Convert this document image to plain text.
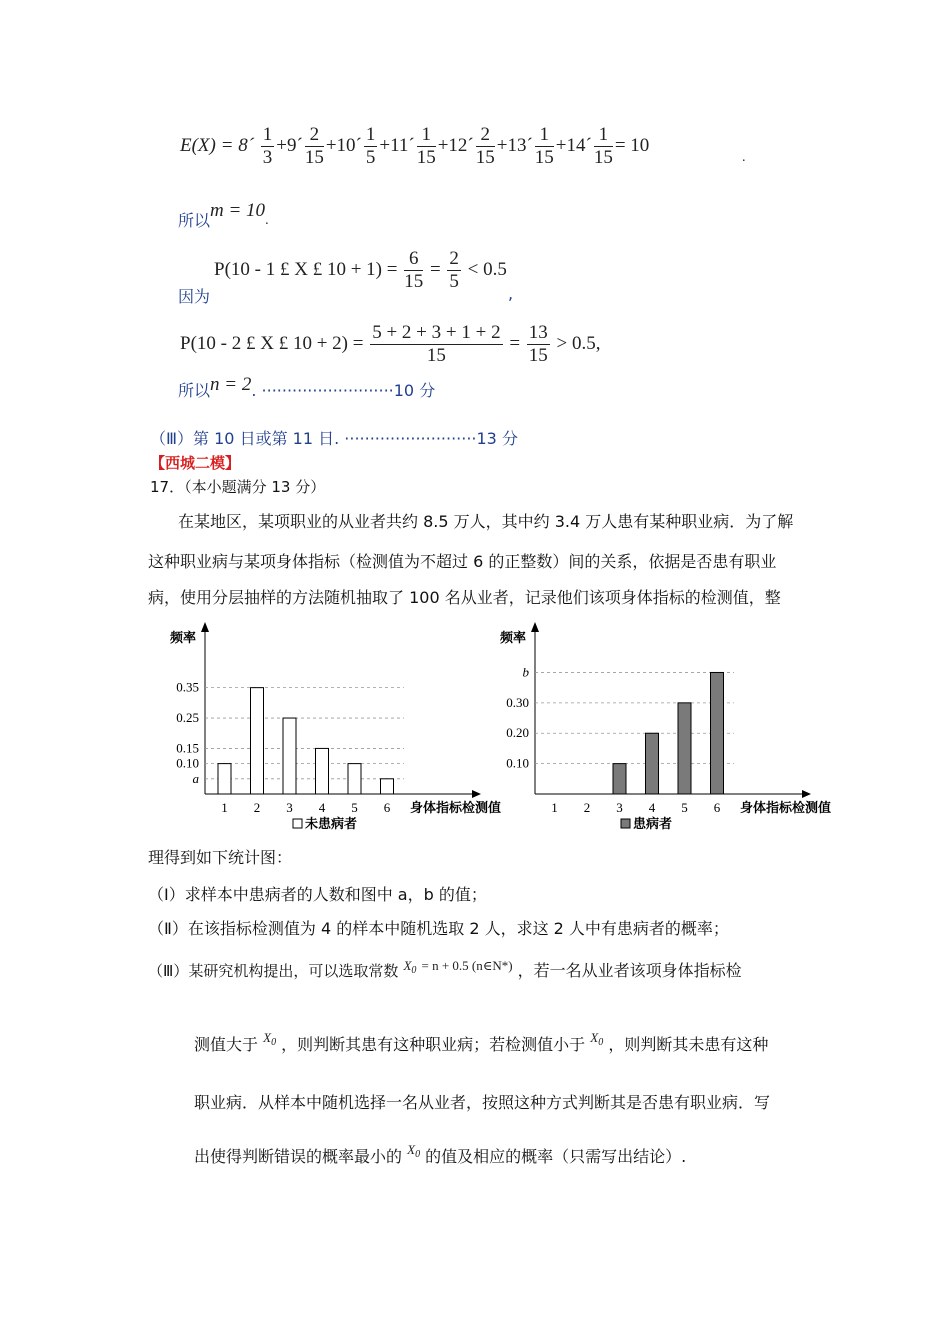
E(X) = 8´ $\frac{1}{3}$ +9´ $\frac{2}{15}$ +10´ $\frac{1}{5}$ +11´ $\frac{1}{15}$ +12´ $\frac{2}{15}$ +13´ $\frac{1}{15}$ +14´ $\frac{1}{15} = 10$
.
所以m = 10.
因为
P(10 - 1 £ X £ $10 + 1) = \frac{6}{15} = \frac{2}{5} < 0.5$
,
P(10 - 2 £ X £ $10 + 2) = \frac{5 + 2 + 3 + 1 + 2}{15} = \frac{13}{15} > 0.5$,
所以n = 2. ··························10 分
（Ⅲ）第 10 日或第 11 日. ··························13 分
【西城二模】
17．（本小题满分 13 分）
在某地区，某项职业的从业者共约 8.5 万人，其中约 3.4 万人患有某种职业病．为了解
这种职业病与某项身体指标（检测值为不超过 6 的正整数）间的关系，依据是否患有职业
病，使用分层抽样的方法随机抽取了 100 名从业者，记录他们该项身体指标的检测值，整
频率
a
0.10
0.15
0.25
0.35
1 2 3 4 5 6 身体指标检测值
未患病者
频率
0.10
0.20
0.30
b
1 2 3 4 5 6 身体指标检测值
患病者
理得到如下统计图：
（Ⅰ）求样本中患病者的人数和图中 a，b 的值；
（Ⅱ）在该指标检测值为 4 的样本中随机选取 2 人，求这 2 人中有患病者的概率；
（Ⅲ）某研究机构提出，可以选取常数 $^{X_0}$ $^{= n + 0.5 (n\in N*)}$ ，若一名从业者该项身体指标检
测值大于 $^{X_0}$ ，则判断其患有这种职业病；若检测值小于 $^{X_0}$ ，则判断其未患有这种
职业病．从样本中随机选择一名从业者，按照这种方式判断其是否患有职业病．写
出使得判断错误的概率最小的 $^{X_0}$ 的值及相应的概率（只需写出结论）.
